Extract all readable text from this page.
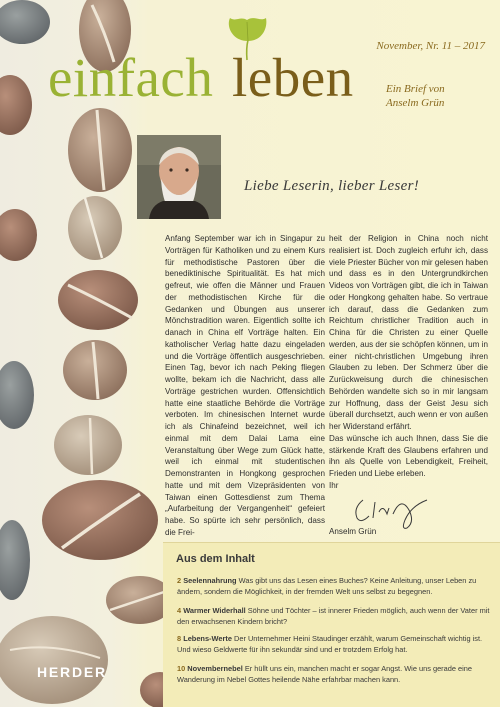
November, Nr. 11 – 2017
einfach leben	Ein Brief von
Anselm Grün
Liebe Leserin, lieber Leser!

Anfang September war ich in Singapur zu Vorträgen für Katholiken und zu einem Kurs für methodistische Pastoren über die benediktinische Spiritualität. Es hat mich gefreut, wie offen die Männer und Frauen der methodistischen Kirche für die Gedanken und Übungen aus unserer Mönchstradition waren. Eigentlich sollte ich danach in China elf Vorträge halten. Ein katholischer Verlag hatte dazu eingeladen und die Vorträge öffentlich ausgeschrieben. Einen Tag, bevor ich nach Peking fliegen wollte, bekam ich die Nachricht, dass alle Vorträge gestrichen wurden. Offensichtlich hatte eine staatliche Behörde die Vorträge verboten. Im chinesischen Internet wurde ich als Chinafeind bezeichnet, weil ich einmal mit dem Dalai Lama eine Veranstaltung über Wege zum Glück hatte, weil ich einmal mit studentischen Demonstranten in Hongkong gesprochen hatte und mit dem Vizepräsidenten von Taiwan einen Gottesdienst zum Thema „Aufarbeitung der Vergangenheit“ gefeiert habe. So spürte ich sehr persönlich, dass die Frei-

heit der Religion in China noch nicht realisiert ist. Doch zugleich erfuhr ich, dass viele Priester Bücher von mir gelesen haben und dass es in den Untergrundkirchen Videos von Vorträgen gibt, die ich in Taiwan oder Hongkong gehalten habe. So vertraue ich darauf, dass die Gedanken zum Reichtum christlicher Tradition auch in China für die Christen zu einer Quelle werden, aus der sie schöpfen können, um in einer nicht-christlichen Umgebung ihren Glauben zu leben. Der Schmerz über die Zurückweisung durch die chinesischen Behörden wandelte sich so in mir langsam zur Hoffnung, dass der Geist Jesu sich überall durchsetzt, auch wenn er von außen her Widerstand erfährt.

Das wünsche ich auch Ihnen, dass Sie die stärkende Kraft des Glaubens erfahren und ihn als Quelle von Lebendigkeit, Freiheit, Frieden und Liebe erleben.

Ihr

Anselm Grün
Aus dem Inhalt
2 Seelennahrung Was gibt uns das Lesen eines Buches? Keine Anleitung, unser Leben zu ändern, sondern die Möglichkeit, in der fremden Welt uns selbst zu begegnen.
4 Warmer Widerhall Söhne und Töchter – ist innerer Frieden möglich, auch wenn der Vater mit den erwachsenen Kindern bricht?
8 Lebens-Werte Der Unternehmer Heini Staudinger erzählt, warum Gemeinschaft wichtig ist. Und wieso Geldwerte für ihn sekundär sind und er trotzdem Erfolg hat.
10 Novembernebel Er hüllt uns ein, manchen macht er sogar Angst. Wie uns gerade eine Wanderung im Nebel Gottes heilende Nähe erfahrbar machen kann.
HERDER
